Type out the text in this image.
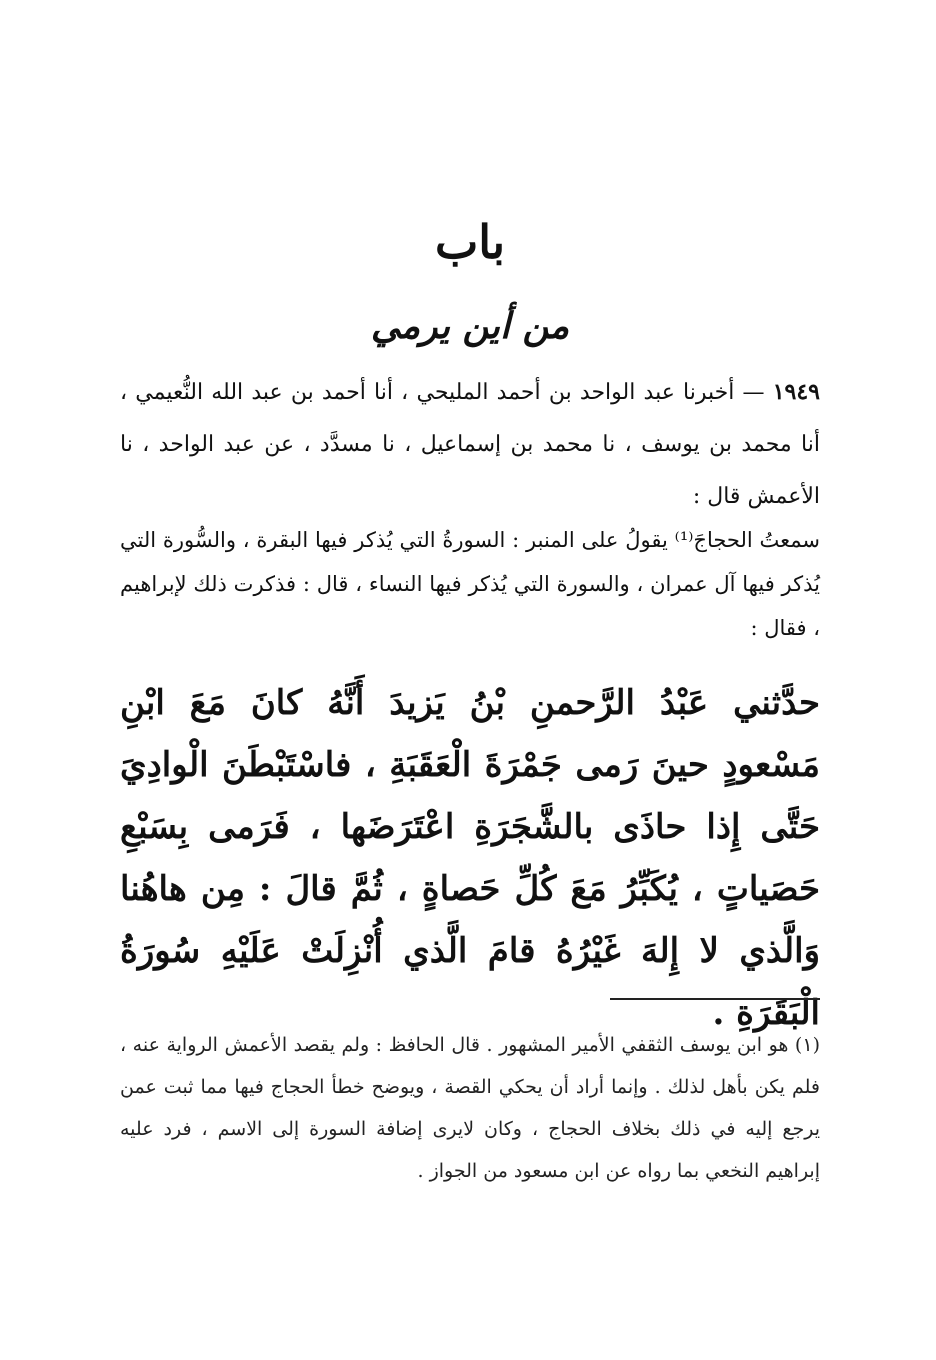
باب
من أين يرمي
١٩٤٩ — أخبرنا عبد الواحد بن أحمد المليحي ، أنا أحمد بن عبد الله النُّعيمي ، أنا محمد بن يوسف ، نا محمد بن إسماعيل ، نا مسدَّد ، عن عبد الواحد ، نا الأعمش قال :
سمعتُ الحجاجَ⁽¹⁾ يقولُ على المنبر : السورةُ التي يُذكر فيها البقرة ، والسُّورة التي يُذكر فيها آل عمران ، والسورة التي يُذكر فيها النساء ، قال : فذكرت ذلك لإبراهيم ، فقال :
حدَّثني عَبْدُ الرَّحمنِ بْنُ يَزيدَ أَنَّهُ كانَ مَعَ ابْنِ مَسْعودٍ حينَ رَمى جَمْرَةَ الْعَقَبَةِ ، فاسْتَبْطَنَ الْوادِيَ حَتَّى إِذا حاذَى بالشَّجَرَةِ اعْتَرَضَها ، فَرَمى بِسَبْعِ حَصَياتٍ ، يُكَبِّرُ مَعَ كُلِّ حَصاةٍ ، ثُمَّ قالَ : مِن هاهُنا وَالَّذي لا إِلهَ غَيْرُهُ قامَ الَّذي أُنْزِلَتْ عَلَيْهِ سُورَةُ الْبَقَرَةِ .
(١) هو ابن يوسف الثقفي الأمير المشهور . قال الحافظ : ولم يقصد الأعمش الرواية عنه ، فلم يكن بأهل لذلك . وإنما أراد أن يحكي القصة ، ويوضح خطأ الحجاج فيها مما ثبت عمن يرجع إليه في ذلك بخلاف الحجاج ، وكان لايرى إضافة السورة إلى الاسم ، فرد عليه إبراهيم النخعي بما رواه عن ابن مسعود من الجواز .
